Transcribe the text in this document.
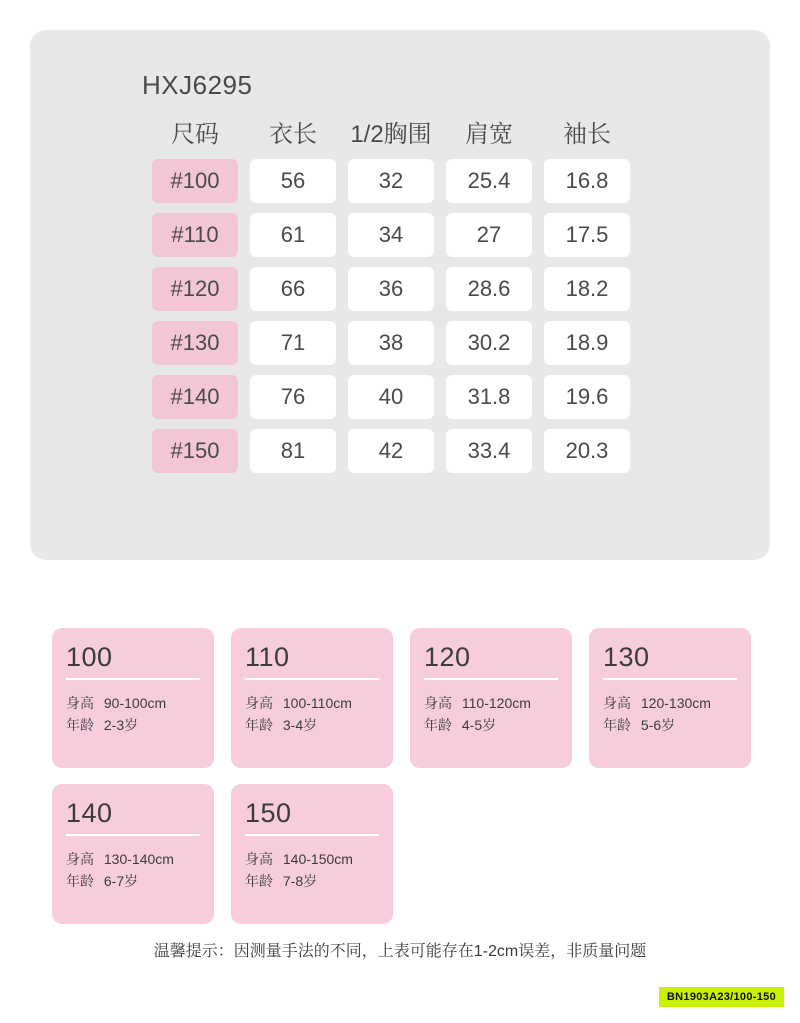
HXJ6295
尺码	衣长	1/2胸围	肩宽	袖长

#100	56	32	25.4	16.8

#110	61	34	27	17.5

#120	66	36	28.6	18.2

#130	71	38	30.2	18.9

#140	76	40	31.8	19.6

#150	81	42	33.4	20.3
100
身高 90-100cm
年龄 2-3岁
110
身高 100-110cm
年龄 3-4岁
120
身高 110-120cm
年龄 4-5岁
130
身高 120-130cm
年龄 5-6岁
140
身高 130-140cm
年龄 6-7岁
150
身高 140-150cm
年龄 7-8岁
温馨提示：因测量手法的不同，上表可能存在1-2cm误差，非质量问题
BN1903A23/100-150
